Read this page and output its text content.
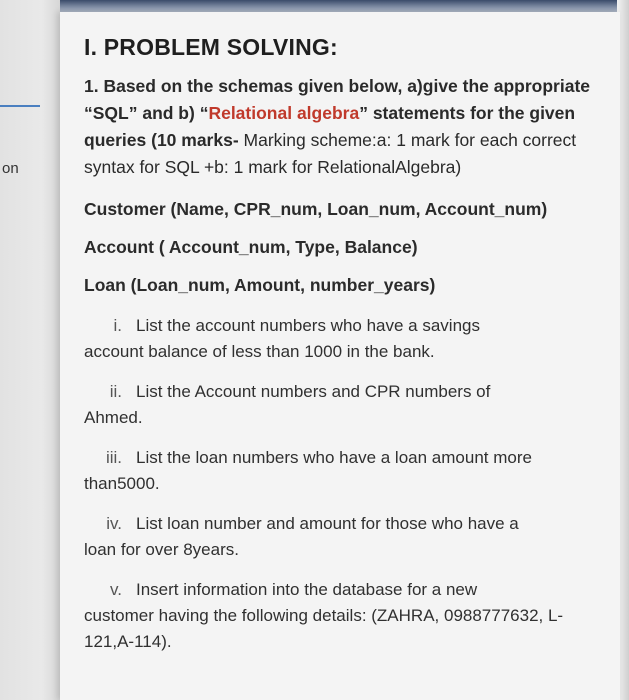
on
I. PROBLEM SOLVING:
1. Based on the schemas given below, a)give the appropriate “SQL” and b) “Relational algebra” statements for the given queries (10 marks- Marking scheme:a: 1 mark for each correct syntax for SQL +b: 1 mark for RelationalAlgebra)
Customer (Name, CPR_num, Loan_num, Account_num)
Account ( Account_num, Type, Balance)
Loan (Loan_num, Amount, number_years)
i. List the account numbers who have a savings
account balance of less than 1000 in the bank.
ii. List the Account numbers and CPR numbers of
Ahmed.
iii. List the loan numbers who have a loan amount more
than5000.
iv. List loan number and amount for those who have a
loan for over 8years.
v. Insert information into the database for a new
customer having the following details: (ZAHRA, 0988777632, L-121,A-114).
